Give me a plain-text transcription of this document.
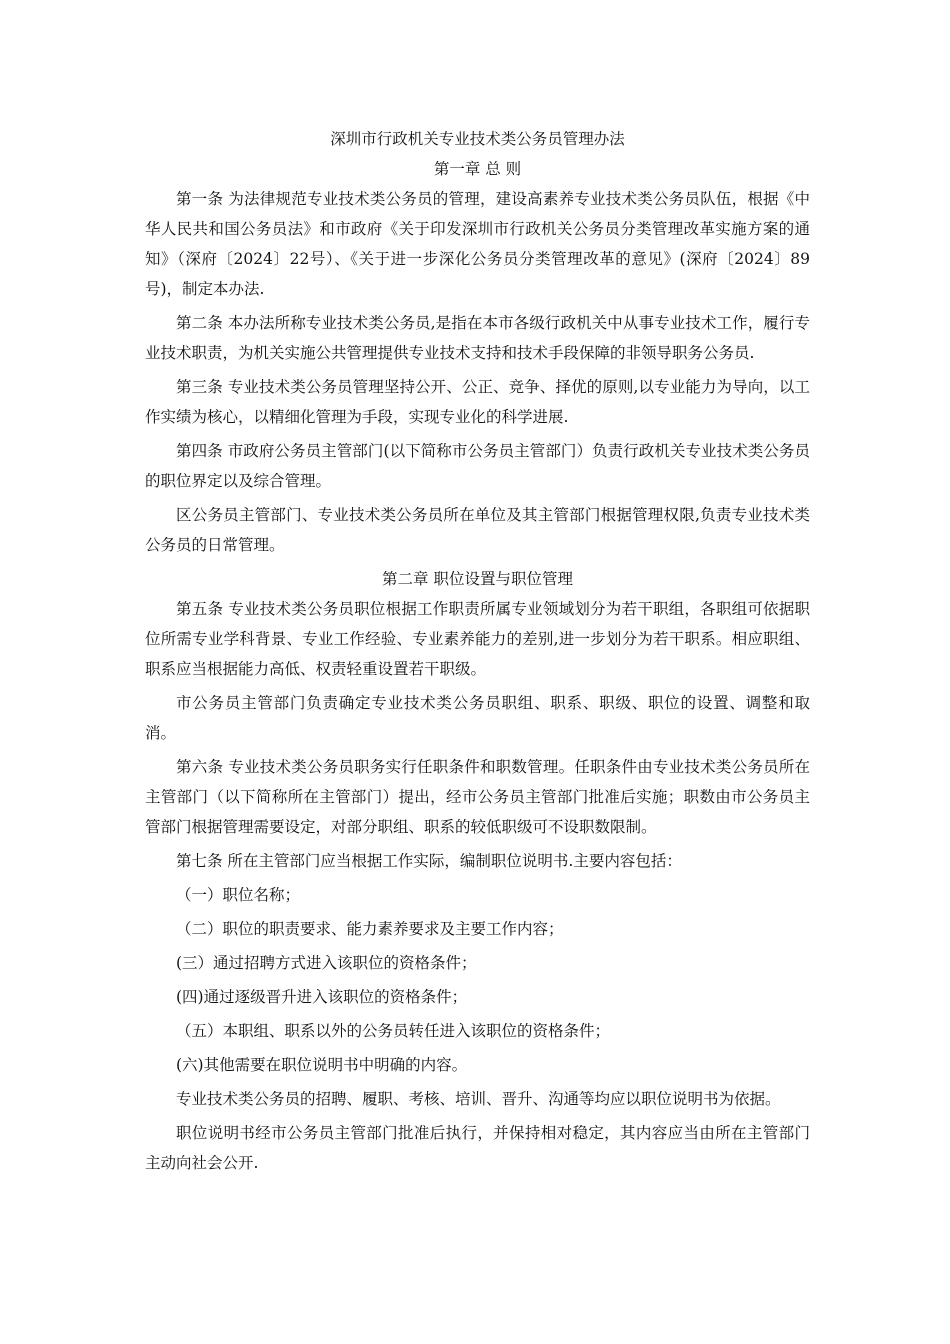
深圳市行政机关专业技术类公务员管理办法
第一章 总 则

第一条 为法律规范专业技术类公务员的管理，建设高素养专业技术类公务员队伍，根据《中华人民共和国公务员法》和市政府《关于印发深圳市行政机关公务员分类管理改革实施方案的通知》（深府〔2024〕22号）、《关于进一步深化公务员分类管理改革的意见》(深府〔2024〕89号)，制定本办法.

第二条 本办法所称专业技术类公务员,是指在本市各级行政机关中从事专业技术工作，履行专业技术职责，为机关实施公共管理提供专业技术支持和技术手段保障的非领导职务公务员.

第三条 专业技术类公务员管理坚持公开、公正、竞争、择优的原则,以专业能力为导向，以工作实绩为核心，以精细化管理为手段，实现专业化的科学进展.

第四条 市政府公务员主管部门(以下简称市公务员主管部门）负责行政机关专业技术类公务员的职位界定以及综合管理。

区公务员主管部门、专业技术类公务员所在单位及其主管部门根据管理权限,负责专业技术类公务员的日常管理。

第二章 职位设置与职位管理

第五条 专业技术类公务员职位根据工作职责所属专业领域划分为若干职组，各职组可依据职位所需专业学科背景、专业工作经验、专业素养能力的差别,进一步划分为若干职系。相应职组、职系应当根据能力高低、权责轻重设置若干职级。

市公务员主管部门负责确定专业技术类公务员职组、职系、职级、职位的设置、调整和取消。

第六条 专业技术类公务员职务实行任职条件和职数管理。任职条件由专业技术类公务员所在主管部门（以下简称所在主管部门）提出，经市公务员主管部门批准后实施；职数由市公务员主管部门根据管理需要设定，对部分职组、职系的较低职级可不设职数限制。

第七条 所在主管部门应当根据工作实际，编制职位说明书.主要内容包括：

（一）职位名称；

（二）职位的职责要求、能力素养要求及主要工作内容；

(三）通过招聘方式进入该职位的资格条件；

(四)通过逐级晋升进入该职位的资格条件；

（五）本职组、职系以外的公务员转任进入该职位的资格条件；

(六)其他需要在职位说明书中明确的内容。

专业技术类公务员的招聘、履职、考核、培训、晋升、沟通等均应以职位说明书为依据。

职位说明书经市公务员主管部门批准后执行，并保持相对稳定，其内容应当由所在主管部门主动向社会公开.
